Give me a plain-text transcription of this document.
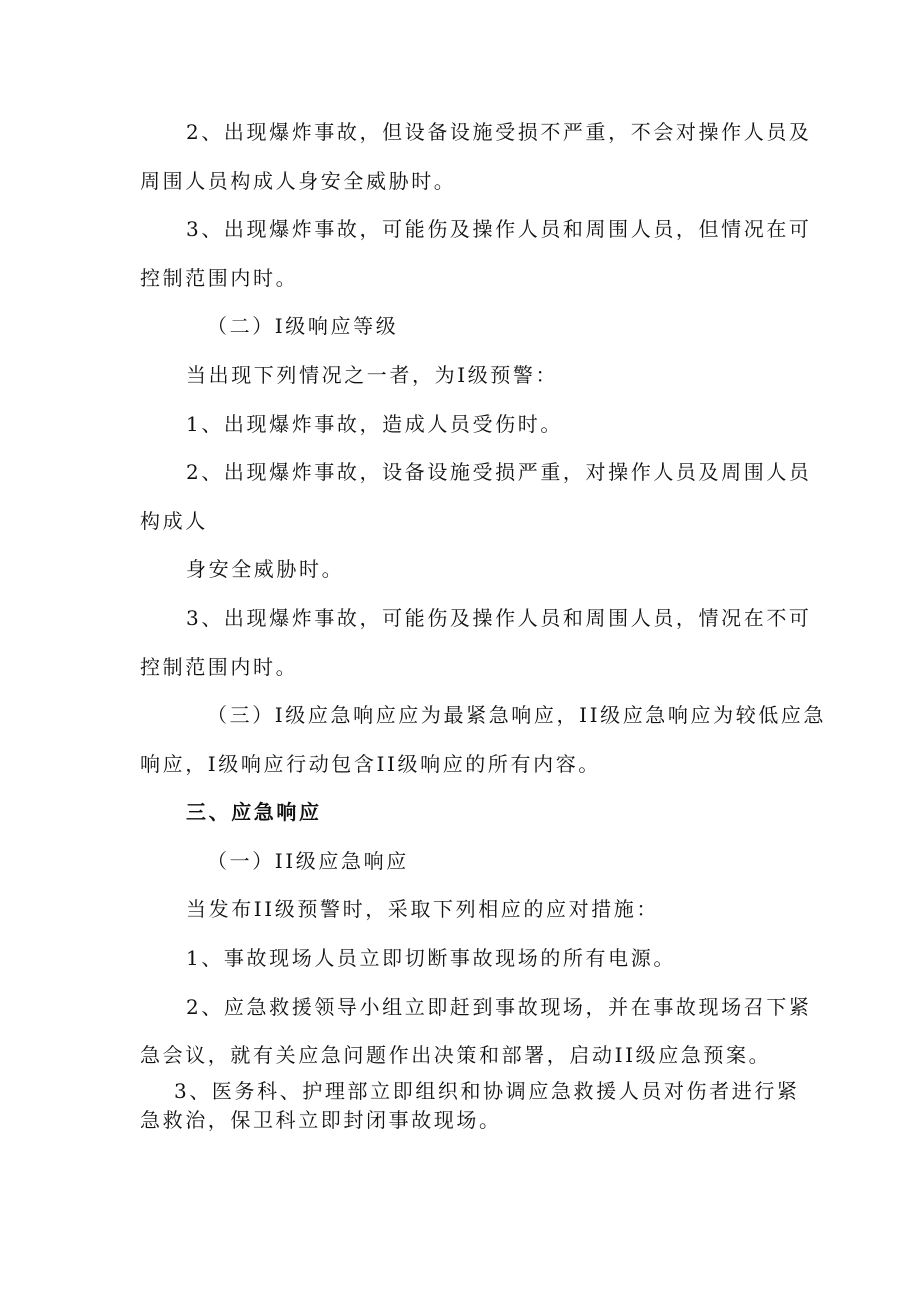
2、出现爆炸事故，但设备设施受损不严重，不会对操作人员及
周围人员构成人身安全威胁时。
3、出现爆炸事故，可能伤及操作人员和周围人员，但情况在可
控制范围内时。
（二）I级响应等级
当出现下列情况之一者，为I级预警：
1、出现爆炸事故，造成人员受伤时。
2、出现爆炸事故，设备设施受损严重，对操作人员及周围人员
构成人
身安全威胁时。
3、出现爆炸事故，可能伤及操作人员和周围人员，情况在不可
控制范围内时。
（三）I级应急响应应为最紧急响应，II级应急响应为较低应急
响应，I级响应行动包含II级响应的所有内容。
三、应急响应
（一）II级应急响应
当发布II级预警时，采取下列相应的应对措施：
1、事故现场人员立即切断事故现场的所有电源。
2、应急救援领导小组立即赶到事故现场，并在事故现场召下紧
急会议，就有关应急问题作出决策和部署，启动II级应急预案。
3、医务科、护理部立即组织和协调应急救援人员对伤者进行紧
急救治，保卫科立即封闭事故现场。
